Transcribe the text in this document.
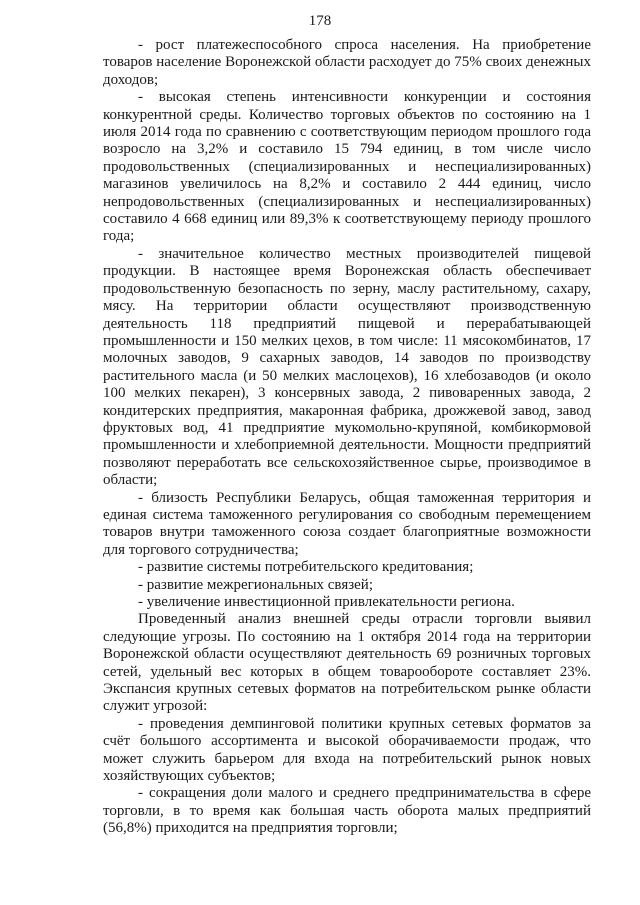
178

- рост платежеспособного спроса населения. На приобретение товаров население Воронежской области расходует до 75% своих денежных доходов;

- высокая степень интенсивности конкуренции и состояния конкурентной среды. Количество торговых объектов по состоянию на 1 июля 2014 года по сравнению с соответствующим периодом прошлого года возросло на 3,2% и составило 15 794 единиц, в том числе число продовольственных (специализированных и неспециализированных) магазинов увеличилось на 8,2% и составило 2 444 единиц, число непродовольственных (специализированных и неспециализированных) составило 4 668 единиц или 89,3% к соответствующему периоду прошлого года;

- значительное количество местных производителей пищевой продукции. В настоящее время Воронежская область обеспечивает продовольственную безопасность по зерну, маслу растительному, сахару, мясу. На территории области осуществляют производственную деятельность 118 предприятий пищевой и перерабатывающей промышленности и 150 мелких цехов, в том числе: 11 мясокомбинатов, 17 молочных заводов, 9 сахарных заводов, 14 заводов по производству растительного масла (и 50 мелких маслоцехов), 16 хлебозаводов (и около 100 мелких пекарен), 3 консервных завода, 2 пивоваренных завода, 2 кондитерских предприятия, макаронная фабрика, дрожжевой завод, завод фруктовых вод, 41 предприятие мукомольно-крупяной, комбикормовой промышленности и хлебоприемной деятельности. Мощности предприятий позволяют переработать все сельскохозяйственное сырье, производимое в области;

- близость Республики Беларусь, общая таможенная территория и единая система таможенного регулирования со свободным перемещением товаров внутри таможенного союза создает благоприятные возможности для торгового сотрудничества;

- развитие системы потребительского кредитования;

- развитие межрегиональных связей;

- увеличение инвестиционной привлекательности региона.

Проведенный анализ внешней среды отрасли торговли выявил следующие угрозы. По состоянию на 1 октября 2014 года на территории Воронежской области осуществляют деятельность 69 розничных торговых сетей, удельный вес которых в общем товарообороте составляет 23%. Экспансия крупных сетевых форматов на потребительском рынке области служит угрозой:

- проведения демпинговой политики крупных сетевых форматов за счёт большого ассортимента и высокой оборачиваемости продаж, что может служить барьером для входа на потребительский рынок новых хозяйствующих субъектов;

- сокращения доли малого и среднего предпринимательства в сфере торговли, в то время как большая часть оборота малых предприятий (56,8%) приходится на предприятия торговли;
